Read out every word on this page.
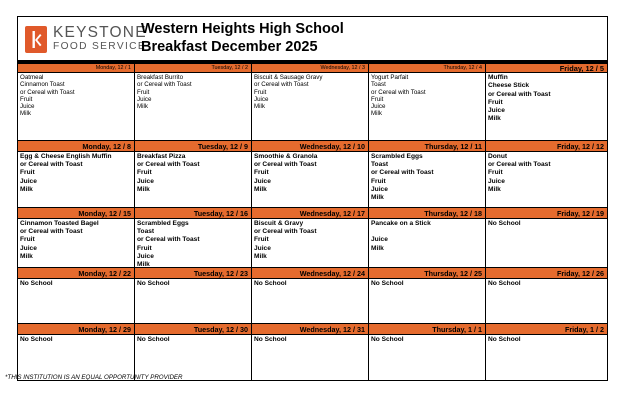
KEYSTONE
FOOD SERVICE
Western Heights High School
Breakfast December 2025
Monday, 12 / 1
Oatmeal
Cinnamon Toast
or Cereal with Toast
Fruit
Juice
Milk
Tuesday, 12 / 2
Breakfast Burrito
or Cereal with Toast
Fruit
Juice
Milk
Wednesday, 12 / 3
Biscuit & Sausage Gravy
or Cereal with Toast
Fruit
Juice
Milk
Thursday, 12 / 4
Yogurt Parfait
Toast
or Cereal with Toast
Fruit
Juice
Milk
Friday, 12 / 5
Muffin
Cheese Stick
or Cereal with Toast
Fruit
Juice
Milk
Monday, 12 / 8
Egg & Cheese English Muffin
or Cereal with Toast
Fruit
Juice
Milk
Tuesday, 12 / 9
Breakfast Pizza
or Cereal with Toast
Fruit
Juice
Milk
Wednesday, 12 / 10
Smoothie & Granola
or Cereal with Toast
Fruit
Juice
Milk
Thursday, 12 / 11
Scrambled Eggs
Toast
or Cereal with Toast
Fruit
Juice
Milk
Friday, 12 / 12
Donut
or Cereal with Toast
Fruit
Juice
Milk
Monday, 12 / 15
Cinnamon Toasted Bagel
or Cereal with Toast
Fruit
Juice
Milk
Tuesday, 12 / 16
Scrambled Eggs
Toast
or Cereal with Toast
Fruit
Juice
Milk
Wednesday, 12 / 17
Biscuit & Gravy
or Cereal with Toast
Fruit
Juice
Milk
Thursday, 12 / 18
Pancake on a Stick

Juice
Milk
Friday, 12 / 19
No School
Monday, 12 / 22
No School
Tuesday, 12 / 23
No School
Wednesday, 12 / 24
No School
Thursday, 12 / 25
No School
Friday, 12 / 26
No School
Monday, 12 / 29
No School
Tuesday, 12 / 30
No School
Wednesday, 12 / 31
No School
Thursday, 1 / 1
No School
Friday, 1 / 2
No School
*THIS INSTITUTION IS AN EQUAL OPPORTUNITY PROVIDER
